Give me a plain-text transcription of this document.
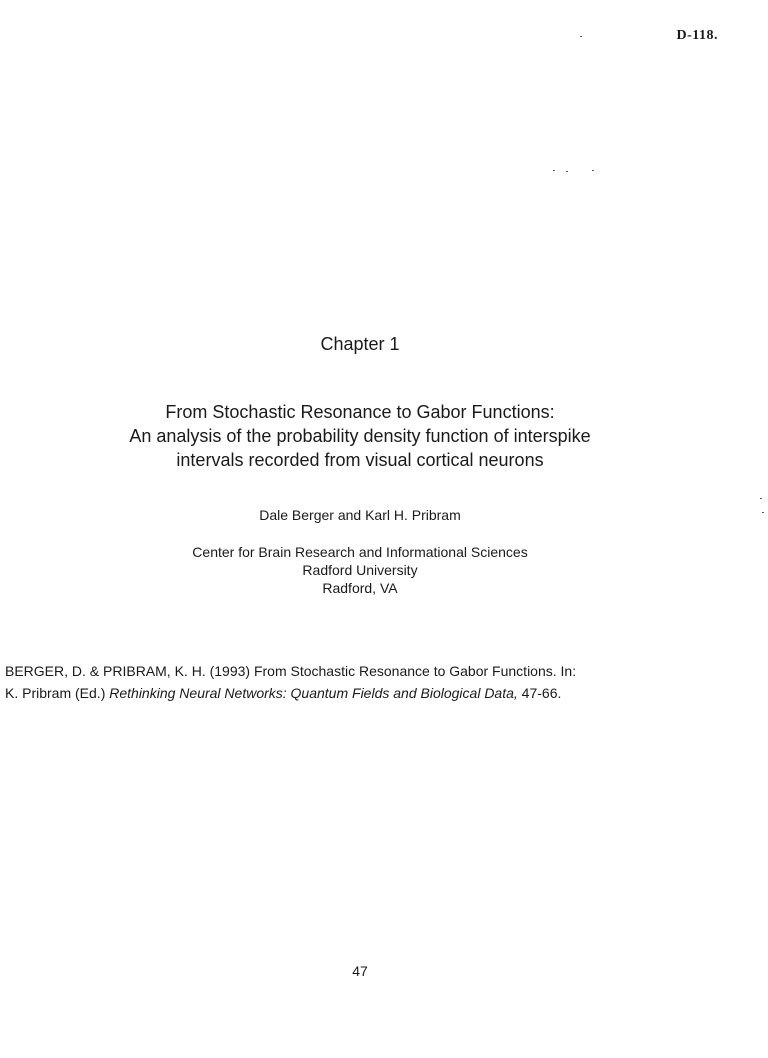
D-118.
Chapter 1
From Stochastic Resonance to Gabor Functions:
An analysis of the probability density function of interspike
intervals recorded from visual cortical neurons
Dale Berger and Karl H. Pribram
Center for Brain Research and Informational Sciences
Radford University
Radford, VA
BERGER, D. & PRIBRAM, K. H. (1993) From Stochastic Resonance to Gabor Functions. In:
K. Pribram (Ed.) Rethinking Neural Networks: Quantum Fields and Biological Data, 47-66.
47
